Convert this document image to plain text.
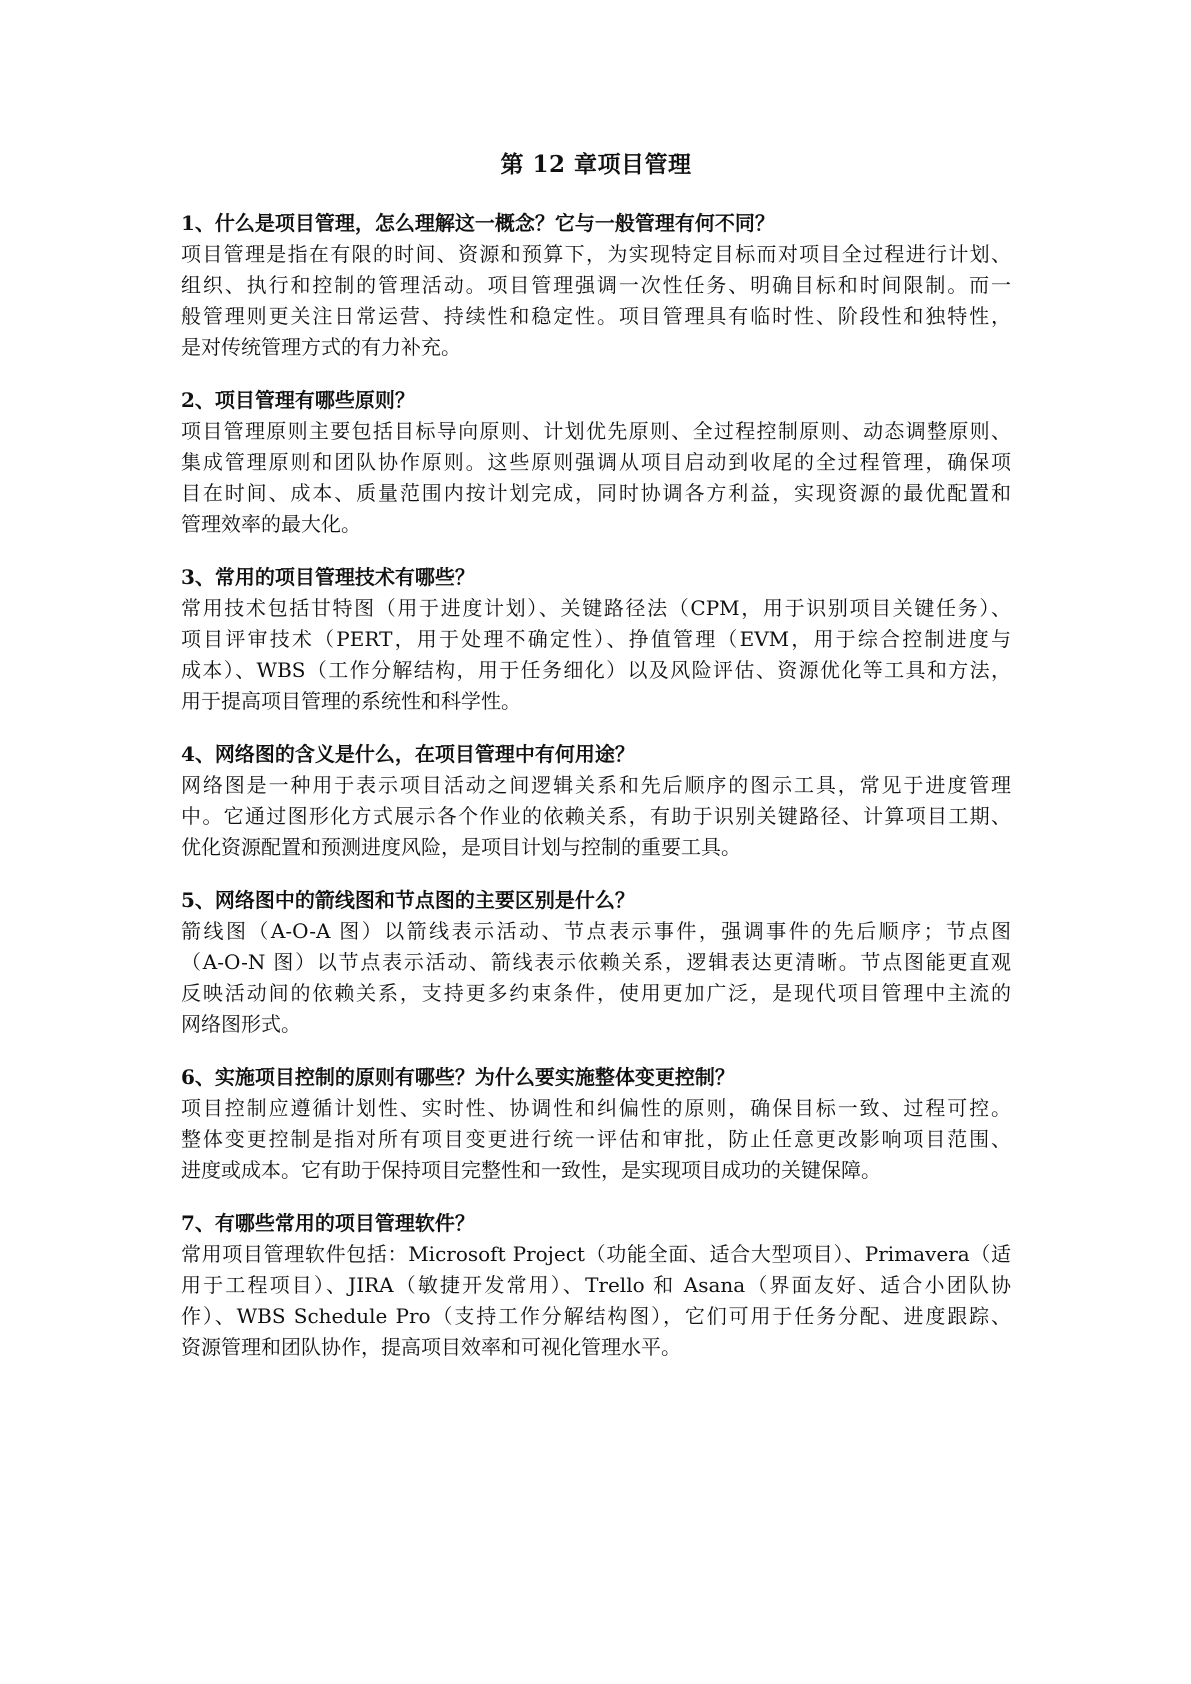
第 12 章项目管理

1、什么是项目管理，怎么理解这一概念？它与一般管理有何不同？

项目管理是指在有限的时间、资源和预算下，为实现特定目标而对项目全过程进行计划、
组织、执行和控制的管理活动。项目管理强调一次性任务、明确目标和时间限制。而一
般管理则更关注日常运营、持续性和稳定性。项目管理具有临时性、阶段性和独特性，
是对传统管理方式的有力补充。

2、项目管理有哪些原则？

项目管理原则主要包括目标导向原则、计划优先原则、全过程控制原则、动态调整原则、
集成管理原则和团队协作原则。这些原则强调从项目启动到收尾的全过程管理，确保项
目在时间、成本、质量范围内按计划完成，同时协调各方利益，实现资源的最优配置和
管理效率的最大化。

3、常用的项目管理技术有哪些？

常用技术包括甘特图（用于进度计划）、关键路径法（CPM，用于识别项目关键任务）、
项目评审技术（PERT，用于处理不确定性）、挣值管理（EVM，用于综合控制进度与
成本）、WBS（工作分解结构，用于任务细化）以及风险评估、资源优化等工具和方法，
用于提高项目管理的系统性和科学性。

4、网络图的含义是什么，在项目管理中有何用途？

网络图是一种用于表示项目活动之间逻辑关系和先后顺序的图示工具，常见于进度管理
中。它通过图形化方式展示各个作业的依赖关系，有助于识别关键路径、计算项目工期、
优化资源配置和预测进度风险，是项目计划与控制的重要工具。

5、网络图中的箭线图和节点图的主要区别是什么？

箭线图（A-O-A 图）以箭线表示活动、节点表示事件，强调事件的先后顺序；节点图
（A-O-N 图）以节点表示活动、箭线表示依赖关系，逻辑表达更清晰。节点图能更直观
反映活动间的依赖关系，支持更多约束条件，使用更加广泛，是现代项目管理中主流的
网络图形式。

6、实施项目控制的原则有哪些？为什么要实施整体变更控制？

项目控制应遵循计划性、实时性、协调性和纠偏性的原则，确保目标一致、过程可控。
整体变更控制是指对所有项目变更进行统一评估和审批，防止任意更改影响项目范围、
进度或成本。它有助于保持项目完整性和一致性，是实现项目成功的关键保障。

7、有哪些常用的项目管理软件？

常用项目管理软件包括：Microsoft Project（功能全面、适合大型项目）、Primavera（适
用于工程项目）、JIRA（敏捷开发常用）、Trello 和 Asana（界面友好、适合小团队协
作）、WBS Schedule Pro（支持工作分解结构图），它们可用于任务分配、进度跟踪、
资源管理和团队协作，提高项目效率和可视化管理水平。
